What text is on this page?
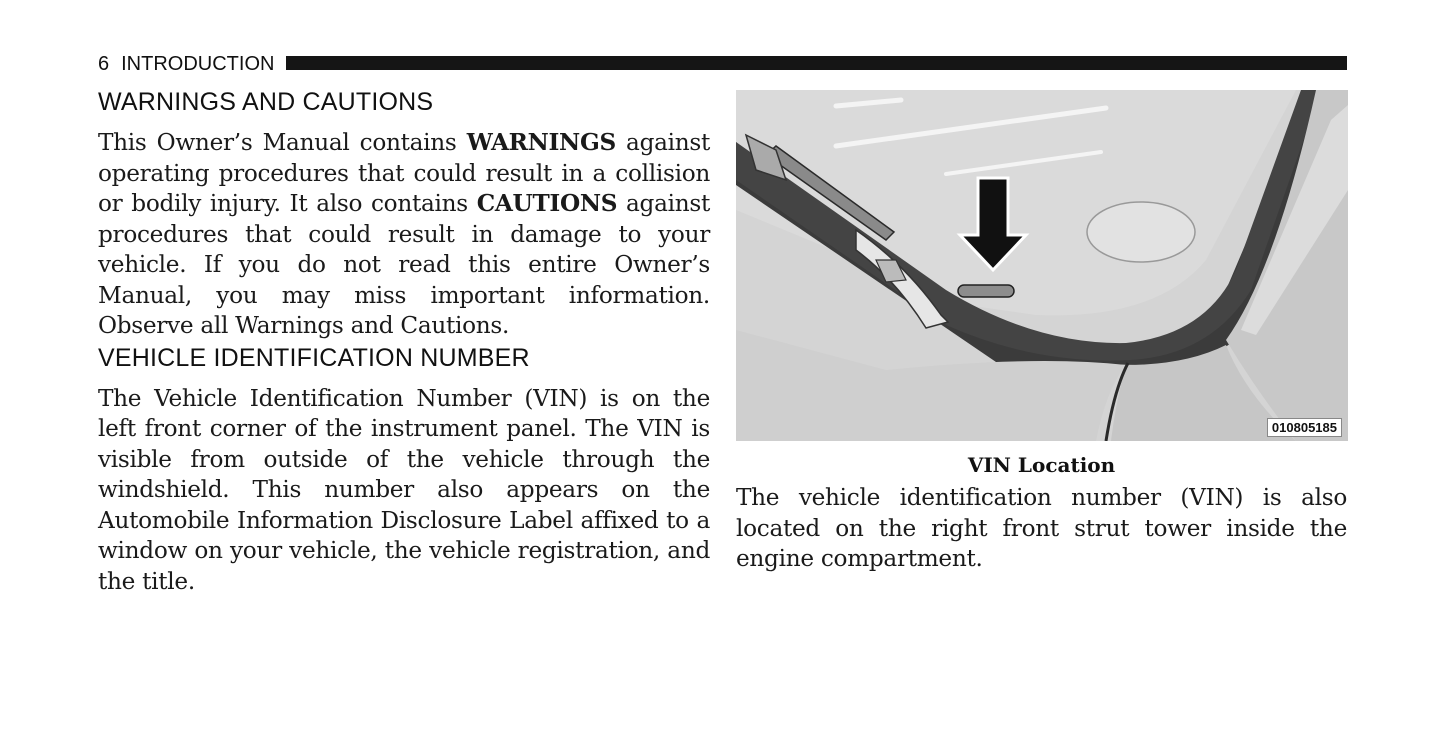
6 INTRODUCTION
WARNINGS AND CAUTIONS

This Owner’s Manual contains WARNINGS against operating procedures that could result in a collision or bodily injury. It also contains CAUTIONS against procedures that could result in damage to your vehicle. If you do not read this entire Owner’s Manual, you may miss important information. Observe all Warnings and Cautions.

VEHICLE IDENTIFICATION NUMBER

The Vehicle Identification Number (VIN) is on the left front corner of the instrument panel. The VIN is visible from outside of the vehicle through the windshield. This number also appears on the Automobile Information Disclosure Label affixed to a window on your vehicle, the vehicle registration, and the title.

010805185
VIN Location

The vehicle identification number (VIN) is also located on the right front strut tower inside the engine compartment.
